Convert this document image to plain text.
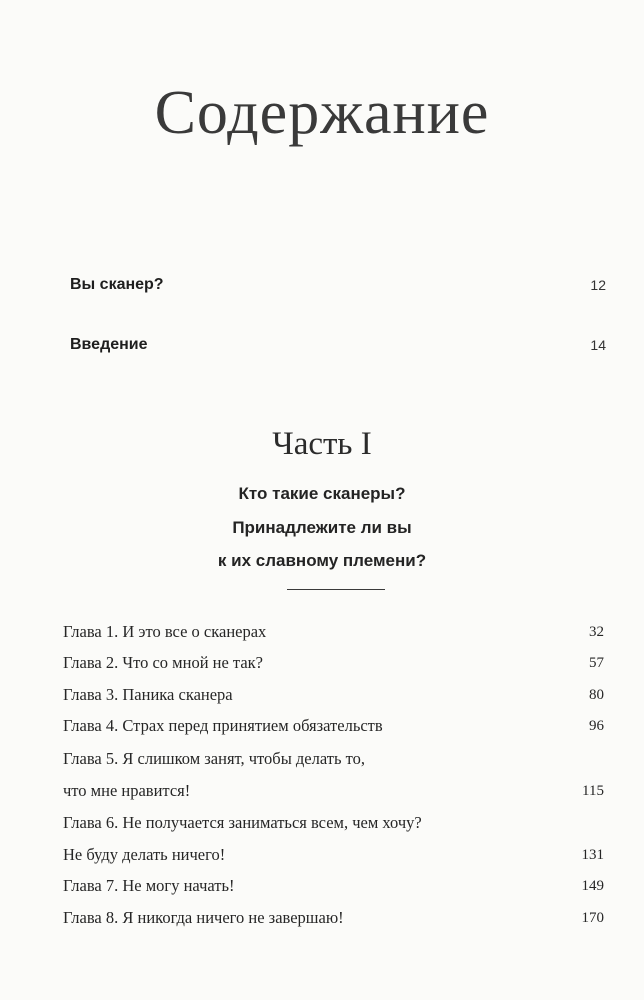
Содержание
Вы сканер?	12
Введение	14
Часть I
Кто такие сканеры?
Принадлежите ли вы
к их славному племени?
Глава 1. И это все о сканерах	32
Глава 2. Что со мной не так?	57
Глава 3. Паника сканера	80
Глава 4. Страх перед принятием обязательств	96
Глава 5. Я слишком занят, чтобы делать то,
что мне нравится!	115
Глава 6. Не получается заниматься всем, чем хочу?
Не буду делать ничего!	131
Глава 7. Не могу начать!	149
Глава 8. Я никогда ничего не завершаю!	170
